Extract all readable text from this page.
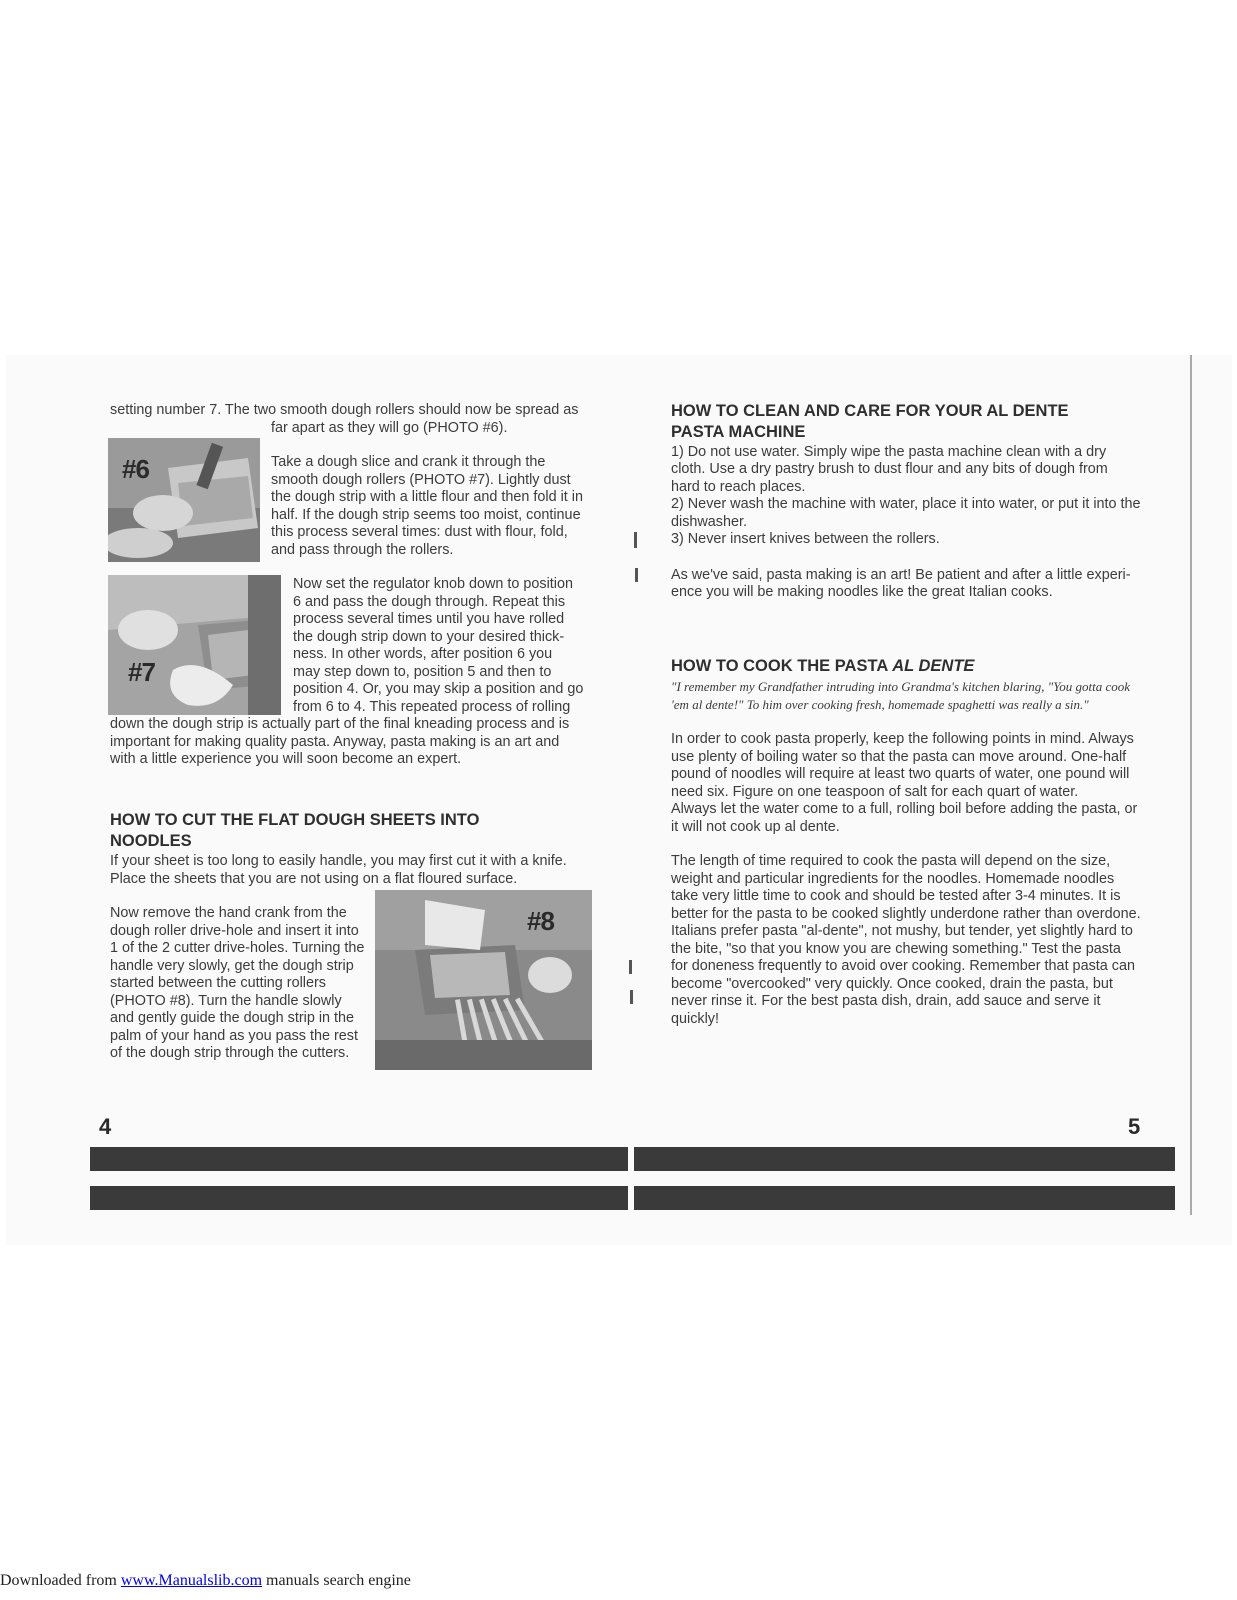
setting number 7. The two smooth dough rollers should now be spread as
far apart as they will go (PHOTO #6).
#6	Take a dough slice and crank it through the
smooth dough rollers (PHOTO #7). Lightly dust
the dough strip with a little flour and then fold it in
half. If the dough strip seems too moist, continue
this process several times: dust with flour, fold,
and pass through the rollers.
#7
Now set the regulator knob down to position
6 and pass the dough through. Repeat this
process several times until you have rolled
the dough strip down to your desired thick-
ness. In other words, after position 6 you
may step down to, position 5 and then to
position 4. Or, you may skip a position and go
from 6 to 4. This repeated process of rolling
down the dough strip is actually part of the final kneading process and is
important for making quality pasta. Anyway, pasta making is an art and
with a little experience you will soon become an expert.
HOW TO CUT THE FLAT DOUGH SHEETS INTO
NOODLES
If your sheet is too long to easily handle, you may first cut it with a knife.
Place the sheets that you are not using on a flat floured surface.
Now remove the hand crank from the
dough roller drive-hole and insert it into
1 of the 2 cutter drive-holes. Turning the
handle very slowly, get the dough strip
started between the cutting rollers
(PHOTO #8). Turn the handle slowly
and gently guide the dough strip in the
palm of your hand as you pass the rest
of the dough strip through the cutters.
#8
4
HOW TO CLEAN AND CARE FOR YOUR AL DENTE
PASTA MACHINE
1) Do not use water. Simply wipe the pasta machine clean with a dry
cloth. Use a dry pastry brush to dust flour and any bits of dough from
hard to reach places.
2) Never wash the machine with water, place it into water, or put it into the
dishwasher.
3) Never insert knives between the rollers.
As we've said, pasta making is an art! Be patient and after a little experi-
ence you will be making noodles like the great Italian cooks.
HOW TO COOK THE PASTA AL DENTE
"I remember my Grandfather intruding into Grandma's kitchen blaring, "You gotta cook
'em al dente!" To him over cooking fresh, homemade spaghetti was really a sin."
In order to cook pasta properly, keep the following points in mind. Always
use plenty of boiling water so that the pasta can move around. One-half
pound of noodles will require at least two quarts of water, one pound will
need six. Figure on one teaspoon of salt for each quart of water.
Always let the water come to a full, rolling boil before adding the pasta, or
it will not cook up al dente.
The length of time required to cook the pasta will depend on the size,
weight and particular ingredients for the noodles. Homemade noodles
take very little time to cook and should be tested after 3-4 minutes. It is
better for the pasta to be cooked slightly underdone rather than overdone.
Italians prefer pasta "al-dente", not mushy, but tender, yet slightly hard to
the bite, "so that you know you are chewing something." Test the pasta
for doneness frequently to avoid over cooking. Remember that pasta can
become "overcooked" very quickly. Once cooked, drain the pasta, but
never rinse it. For the best pasta dish, drain, add sauce and serve it
quickly!
5
Downloaded from www.Manualslib.com manuals search engine
